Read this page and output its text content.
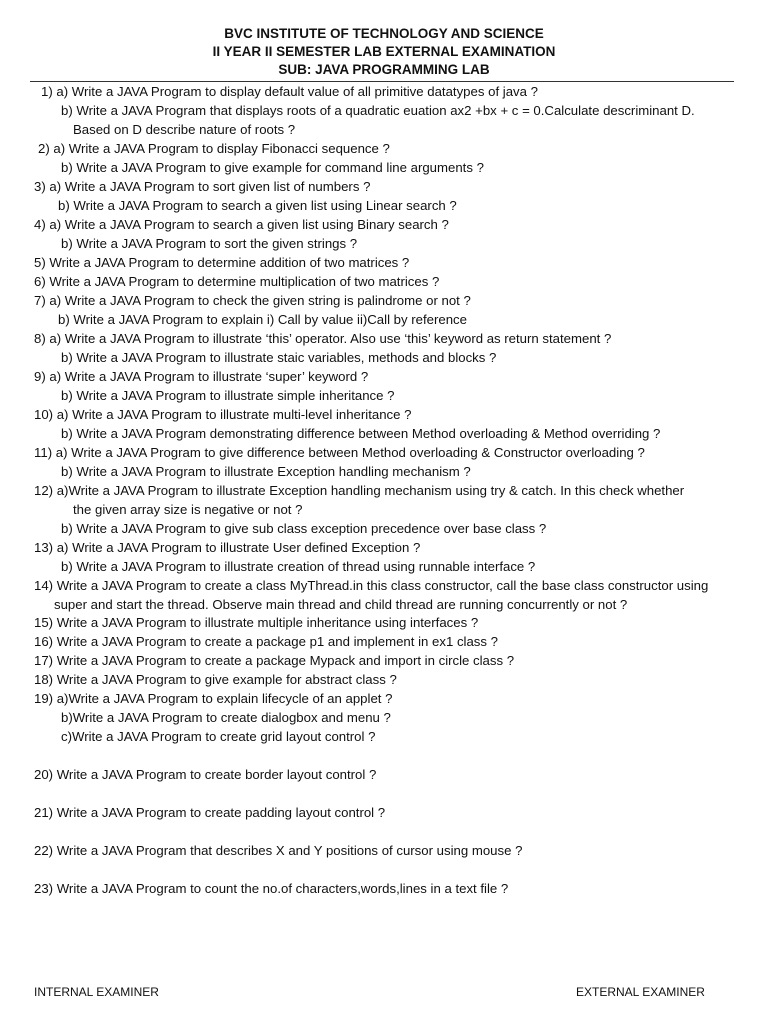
BVC INSTITUTE OF TECHNOLOGY AND SCIENCE
II YEAR II SEMESTER LAB EXTERNAL EXAMINATION
SUB: JAVA PROGRAMMING LAB
1) a) Write a JAVA Program to display default value of all primitive datatypes of java ?
b) Write a JAVA Program that displays roots of a quadratic euation ax2 +bx + c = 0.Calculate descriminant D.
Based on D describe nature of roots ?
2) a) Write a JAVA Program to display Fibonacci sequence ?
b) Write a JAVA Program to give example for command line arguments ?
3) a) Write a JAVA Program to sort given list of numbers ?
b) Write a JAVA Program to search a given list using Linear search ?
4) a) Write a JAVA Program to search a given list using Binary search ?
b) Write a JAVA Program to sort the given strings ?
5) Write a JAVA Program to determine addition of two matrices ?
6) Write a JAVA Program to determine multiplication of two matrices ?
7) a) Write a JAVA Program to check the given string is palindrome or not ?
b) Write a JAVA Program to explain i) Call by value ii)Call by reference
8) a) Write a JAVA Program to illustrate ‘this’ operator. Also use ‘this’ keyword as return statement ?
b) Write a JAVA Program to illustrate staic variables, methods and blocks ?
9) a) Write a JAVA Program to illustrate ‘super’ keyword ?
b) Write a JAVA Program to illustrate simple inheritance ?
10) a) Write a JAVA Program to illustrate multi-level inheritance ?
b) Write a JAVA Program demonstrating difference between Method overloading & Method overriding ?
11) a) Write a JAVA Program to give difference between Method overloading & Constructor overloading ?
b) Write a JAVA Program to illustrate Exception handling mechanism ?
12) a)Write a JAVA Program to illustrate Exception handling mechanism using try & catch. In this check whether
the given array size is negative or not ?
b) Write a JAVA Program to give sub class exception precedence over base class ?
13) a) Write a JAVA Program to illustrate User defined Exception ?
b) Write a JAVA Program to illustrate creation of thread using runnable interface ?
14) Write a JAVA Program to create a class MyThread.in this class constructor, call the base class constructor using
super and start the thread. Observe main thread and child thread are running concurrently or not ?
15) Write a JAVA Program to illustrate multiple inheritance using interfaces ?
16) Write a JAVA Program to create a package p1 and implement in ex1 class ?
17) Write a JAVA Program to create a package Mypack and import in circle class ?
18) Write a JAVA Program to give example for abstract class ?
19) a)Write a JAVA Program to explain lifecycle of an applet ?
b)Write a JAVA Program to create dialogbox and menu ?
c)Write a JAVA Program to create grid layout control ?
20) Write a JAVA Program to create border layout control ?
21) Write a JAVA Program to create padding layout control ?
22) Write a JAVA Program that describes X and Y positions of cursor using mouse ?
23) Write a JAVA Program to count the no.of characters,words,lines in a text file ?
INTERNAL EXAMINER	EXTERNAL EXAMINER
